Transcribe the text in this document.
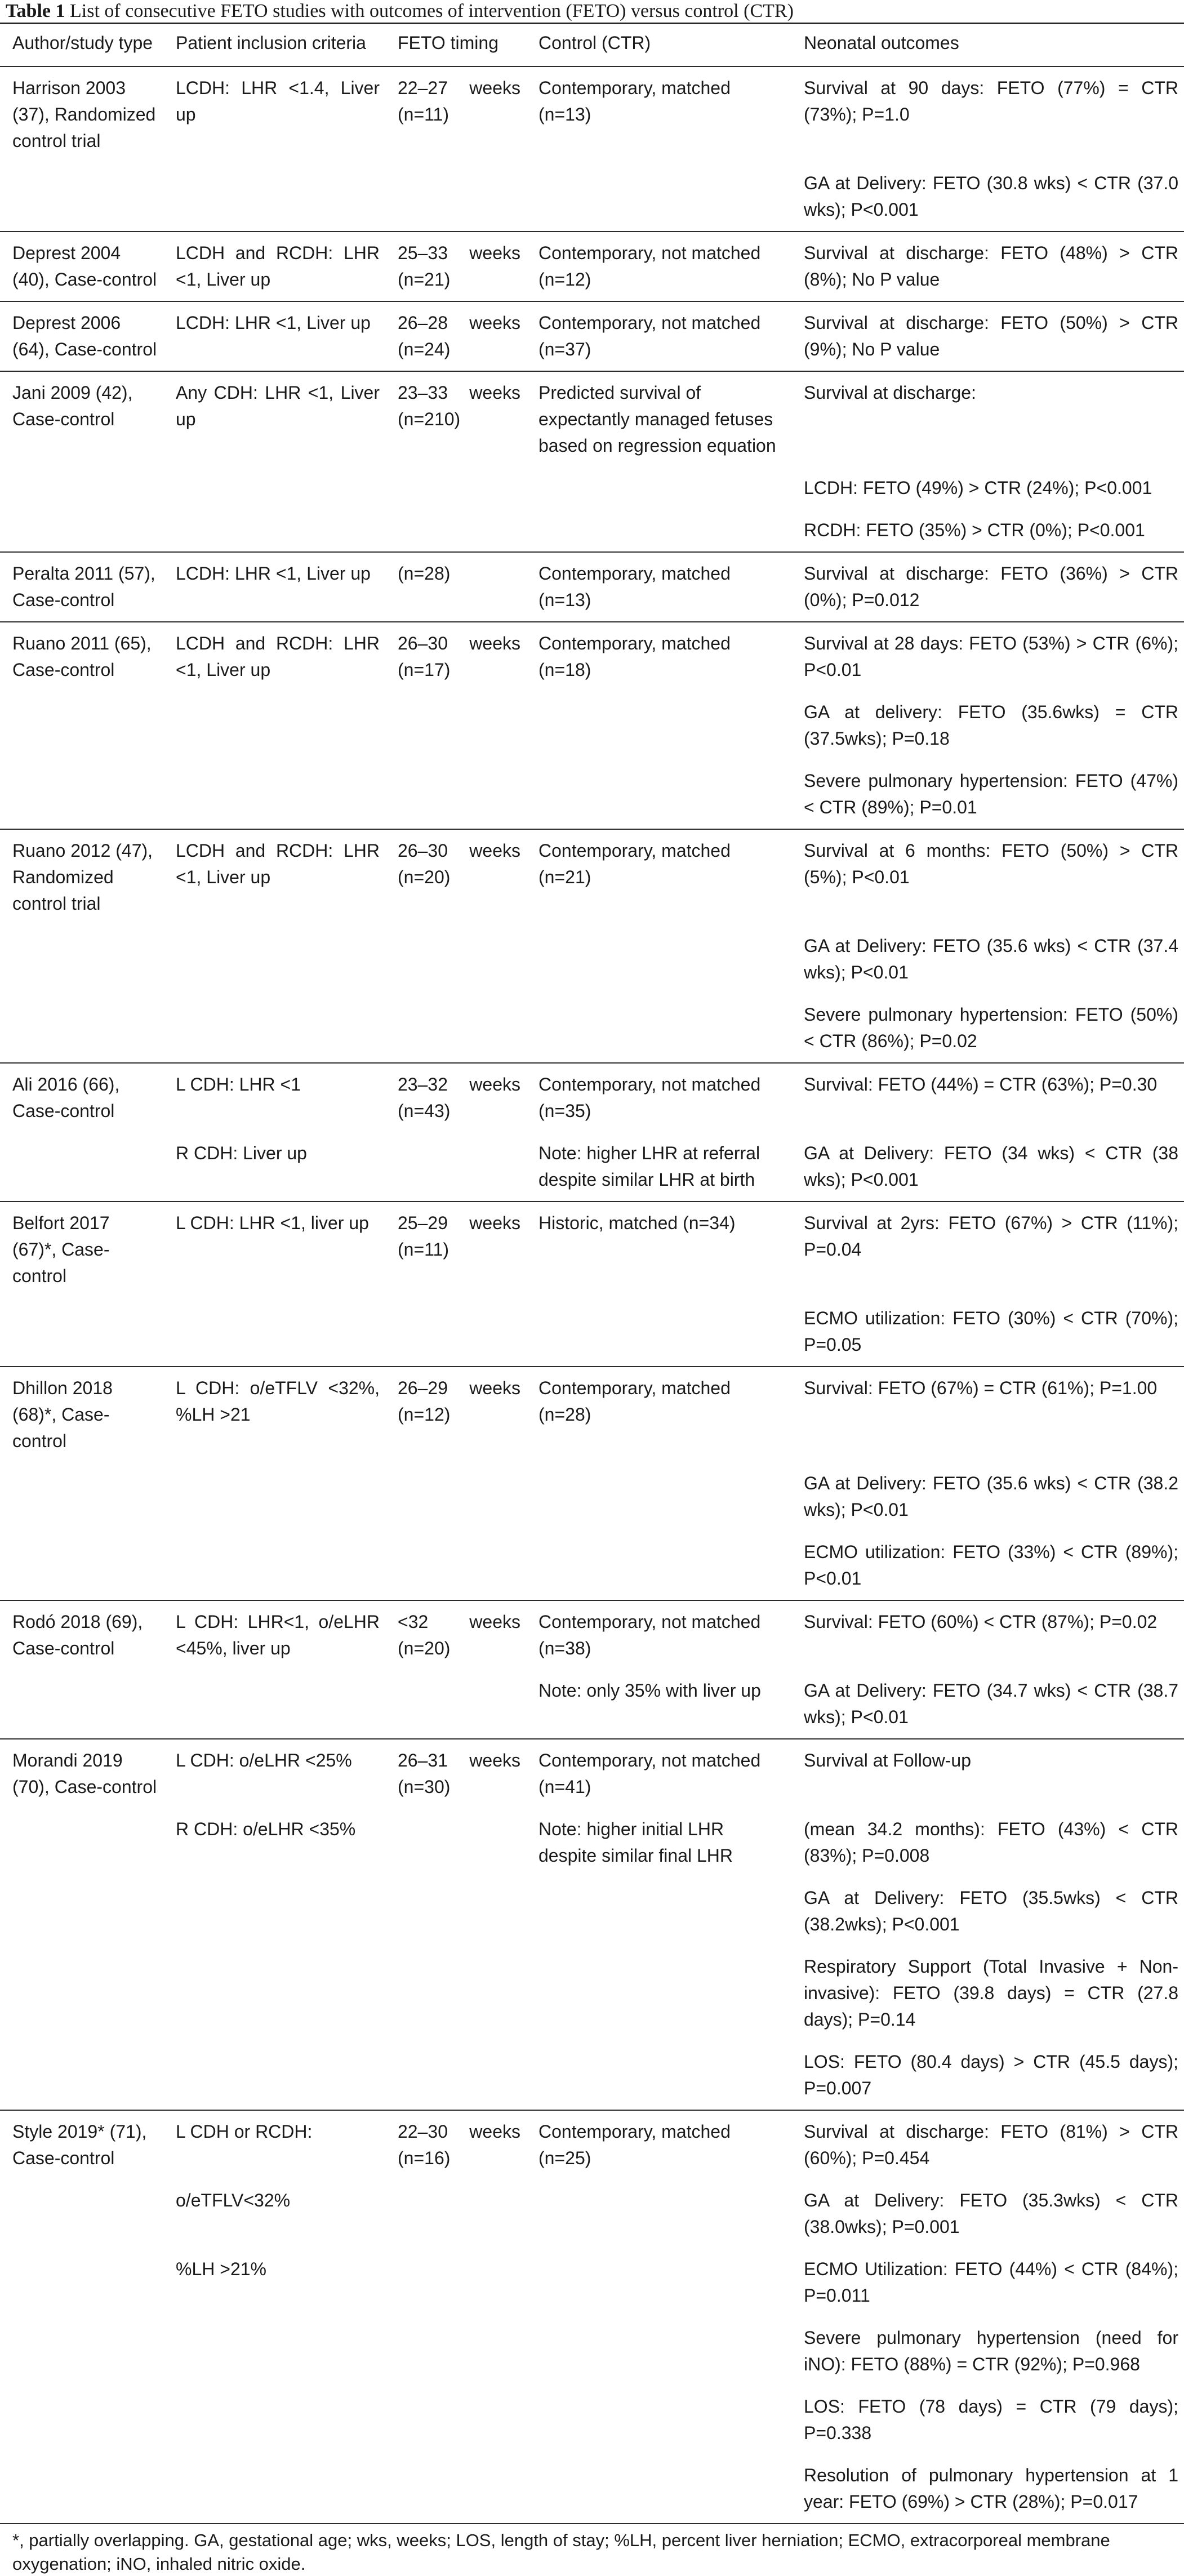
Table 1 List of consecutive FETO studies with outcomes of intervention (FETO) versus control (CTR)
Author/study type	Patient inclusion criteria	FETO timing	Control (CTR)	Neonatal outcomes
Harrison 2003 (37), Randomized control trial	LCDH: LHR <1.4, Liver up	22–27 weeks (n=11)	Contemporary, matched (n=13)	Survival at 90 days: FETO (77%) = CTR (73%); P=1.0
				GA at Delivery: FETO (30.8 wks) < CTR (37.0 wks); P<0.001
Deprest 2004 (40), Case-control	LCDH and RCDH: LHR <1, Liver up	25–33 weeks (n=21)	Contemporary, not matched (n=12)	Survival at discharge: FETO (48%) > CTR (8%); No P value
Deprest 2006 (64), Case-control	LCDH: LHR <1, Liver up	26–28 weeks (n=24)	Contemporary, not matched (n=37)	Survival at discharge: FETO (50%) > CTR (9%); No P value
Jani 2009 (42), Case-control	Any CDH: LHR <1, Liver up	23–33 weeks (n=210)	Predicted survival of expectantly managed fetuses based on regression equation	Survival at discharge:
				LCDH: FETO (49%) > CTR (24%); P<0.001
				RCDH: FETO (35%) > CTR (0%); P<0.001
Peralta 2011 (57), Case-control	LCDH: LHR <1, Liver up	(n=28)	Contemporary, matched (n=13)	Survival at discharge: FETO (36%) > CTR (0%); P=0.012
Ruano 2011 (65), Case-control	LCDH and RCDH: LHR <1, Liver up	26–30 weeks (n=17)	Contemporary, matched (n=18)	Survival at 28 days: FETO (53%) > CTR (6%); P<0.01
				GA at delivery: FETO (35.6wks) = CTR (37.5wks); P=0.18
				Severe pulmonary hypertension: FETO (47%) < CTR (89%); P=0.01
Ruano 2012 (47), Randomized control trial	LCDH and RCDH: LHR <1, Liver up	26–30 weeks (n=20)	Contemporary, matched (n=21)	Survival at 6 months: FETO (50%) > CTR (5%); P<0.01
				GA at Delivery: FETO (35.6 wks) < CTR (37.4 wks); P<0.01
				Severe pulmonary hypertension: FETO (50%) < CTR (86%); P=0.02
Ali 2016 (66), Case-control	L CDH: LHR <1	23–32 weeks (n=43)	Contemporary, not matched (n=35)	Survival: FETO (44%) = CTR (63%); P=0.30
	R CDH: Liver up		Note: higher LHR at referral despite similar LHR at birth	GA at Delivery: FETO (34 wks) < CTR (38 wks); P<0.001
Belfort 2017 (67)*, Case-control	L CDH: LHR <1, liver up	25–29 weeks (n=11)	Historic, matched (n=34)	Survival at 2yrs: FETO (67%) > CTR (11%); P=0.04
				ECMO utilization: FETO (30%) < CTR (70%); P=0.05
Dhillon 2018 (68)*, Case-control	L CDH: o/eTFLV <32%, %LH >21	26–29 weeks (n=12)	Contemporary, matched (n=28)	Survival: FETO (67%) = CTR (61%); P=1.00
				GA at Delivery: FETO (35.6 wks) < CTR (38.2 wks); P<0.01
				ECMO utilization: FETO (33%) < CTR (89%); P<0.01
Rodó 2018 (69), Case-control	L CDH: LHR<1, o/eLHR <45%, liver up	<32 weeks (n=20)	Contemporary, not matched (n=38)	Survival: FETO (60%) < CTR (87%); P=0.02
			Note: only 35% with liver up	GA at Delivery: FETO (34.7 wks) < CTR (38.7 wks); P<0.01
Morandi 2019 (70), Case-control	L CDH: o/eLHR <25%	26–31 weeks (n=30)	Contemporary, not matched (n=41)	Survival at Follow-up
	R CDH: o/eLHR <35%		Note: higher initial LHR despite similar final LHR	(mean 34.2 months): FETO (43%) < CTR (83%); P=0.008
				GA at Delivery: FETO (35.5wks) < CTR (38.2wks); P<0.001
				Respiratory Support (Total Invasive + Non-invasive): FETO (39.8 days) = CTR (27.8 days); P=0.14
				LOS: FETO (80.4 days) > CTR (45.5 days); P=0.007
Style 2019* (71), Case-control	L CDH or RCDH:	22–30 weeks (n=16)	Contemporary, matched (n=25)	Survival at discharge: FETO (81%) > CTR (60%); P=0.454
	o/eTFLV<32%			GA at Delivery: FETO (35.3wks) < CTR (38.0wks); P=0.001
	%LH >21%			ECMO Utilization: FETO (44%) < CTR (84%); P=0.011
				Severe pulmonary hypertension (need for iNO): FETO (88%) = CTR (92%); P=0.968
				LOS: FETO (78 days) = CTR (79 days); P=0.338
				Resolution of pulmonary hypertension at 1 year: FETO (69%) > CTR (28%); P=0.017
*, partially overlapping. GA, gestational age; wks, weeks; LOS, length of stay; %LH, percent liver herniation; ECMO, extracorporeal membrane oxygenation; iNO, inhaled nitric oxide.
